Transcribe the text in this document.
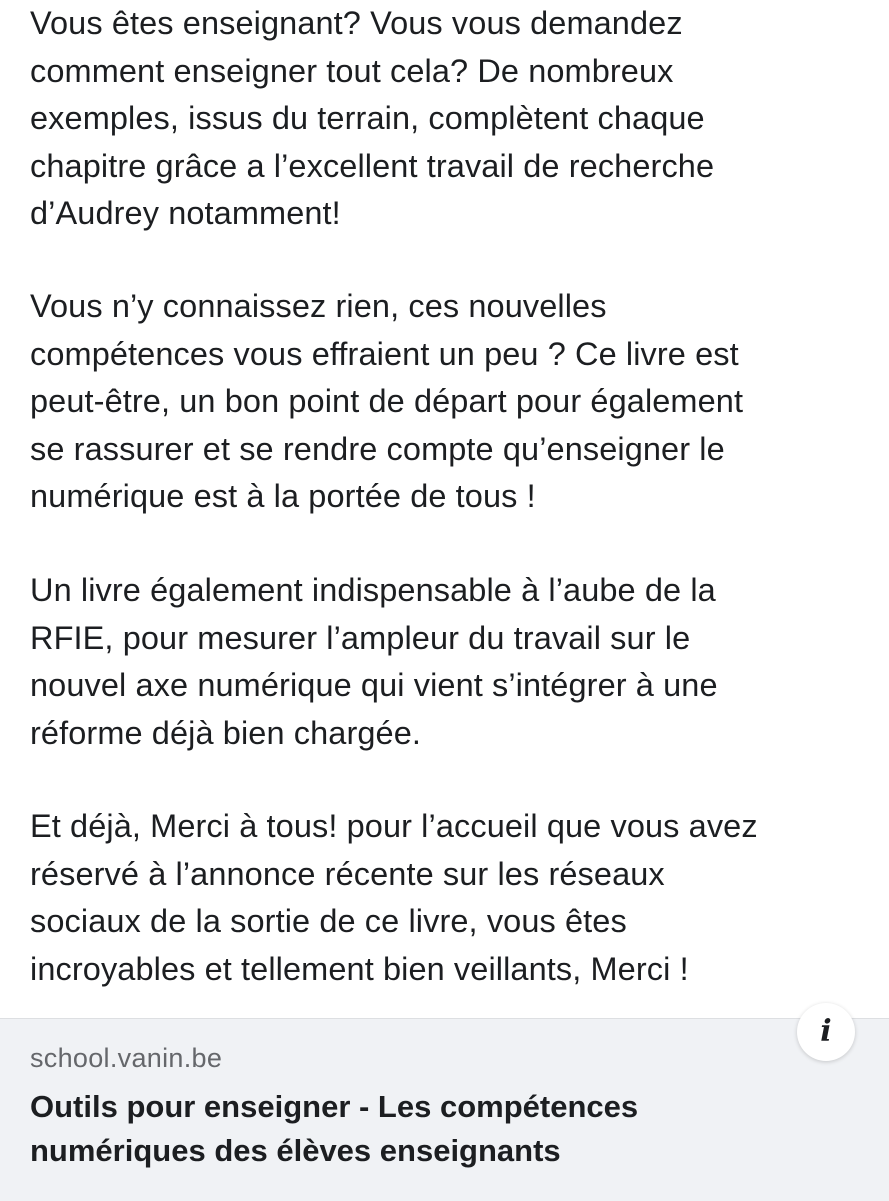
Vous êtes enseignant? Vous vous demandez
comment enseigner tout cela? De nombreux
exemples, issus du terrain, complètent chaque
chapitre grâce a l’excellent travail de recherche
d’Audrey notamment!

Vous n’y connaissez rien, ces nouvelles
compétences vous effraient un peu ? Ce livre est
peut-être, un bon point de départ pour également
se rassurer et se rendre compte qu’enseigner le
numérique est à la portée de tous !

Un livre également indispensable à l’aube de la
RFIE, pour mesurer l’ampleur du travail sur le
nouvel axe numérique qui vient s’intégrer à une
réforme déjà bien chargée.

Et déjà, Merci à tous! pour l’accueil que vous avez
réservé à l’annonce récente sur les réseaux
sociaux de la sortie de ce livre, vous êtes
incroyables et tellement bien veillants, Merci !

school.vanin.be
Outils pour enseigner - Les compétences
numériques des élèves enseignants
i
